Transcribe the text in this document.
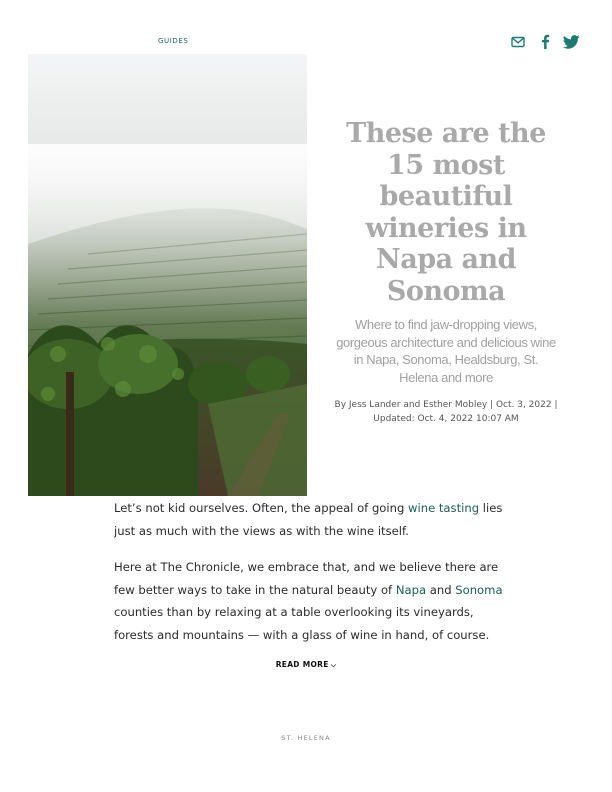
GUIDES
These are the 15 most beautiful wineries in Napa and Sonoma

Where to find jaw-dropping views, gorgeous architecture and delicious wine in Napa, Sonoma, Healdsburg, St. Helena and more

By Jess Lander and Esther Mobley | Oct. 3, 2022 | Updated: Oct. 4, 2022 10:07 AM

Let’s not kid ourselves. Often, the appeal of going wine tasting lies just as much with the views as with the wine itself.

Here at The Chronicle, we embrace that, and we believe there are few better ways to take in the natural beauty of Napa and Sonoma counties than by relaxing at a table overlooking its vineyards, forests and mountains — with a glass of wine in hand, of course.

READ MORE ⌵
ST. HELENA
